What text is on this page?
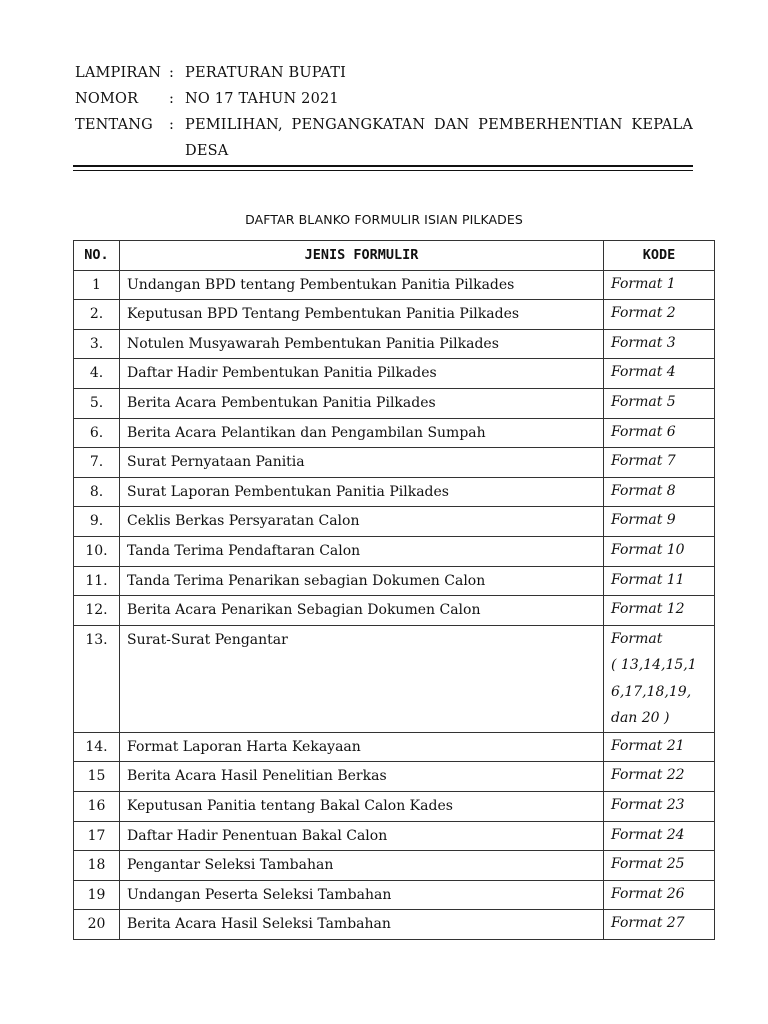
LAMPIRAN : PERATURAN BUPATI
NOMOR	: NO 17 TAHUN 2021
TENTANG	: PEMILIHAN, PENGANGKATAN DAN PEMBERHENTIAN KEPALA
DESA
DAFTAR BLANKO FORMULIR ISIAN PILKADES
NO.	JENIS FORMULIR	KODE
1	Undangan BPD tentang Pembentukan Panitia Pilkades	Format 1

2.	Keputusan BPD Tentang Pembentukan Panitia Pilkades	Format 2

3.	Notulen Musyawarah Pembentukan Panitia Pilkades	Format 3

4.	Daftar Hadir Pembentukan Panitia Pilkades	Format 4

5.	Berita Acara Pembentukan Panitia Pilkades	Format 5

6.	Berita Acara Pelantikan dan Pengambilan Sumpah	Format 6

7.	Surat Pernyataan Panitia	Format 7

8.	Surat Laporan Pembentukan Panitia Pilkades	Format 8

9.	Ceklis Berkas Persyaratan Calon	Format 9

10.	Tanda Terima Pendaftaran Calon	Format 10

11.	Tanda Terima Penarikan sebagian Dokumen Calon	Format 11

12.	Berita Acara Penarikan Sebagian Dokumen Calon	Format 12

13.	Surat-Surat Pengantar	Format
( 13,14,15,1
6,17,18,19,
dan 20 )

14.	Format Laporan Harta Kekayaan	Format 21

15	Berita Acara Hasil Penelitian Berkas	Format 22

16	Keputusan Panitia tentang Bakal Calon Kades	Format 23

17	Daftar Hadir Penentuan Bakal Calon	Format 24

18	Pengantar Seleksi Tambahan	Format 25

19	Undangan Peserta Seleksi Tambahan	Format 26

20	Berita Acara Hasil Seleksi Tambahan	Format 27
